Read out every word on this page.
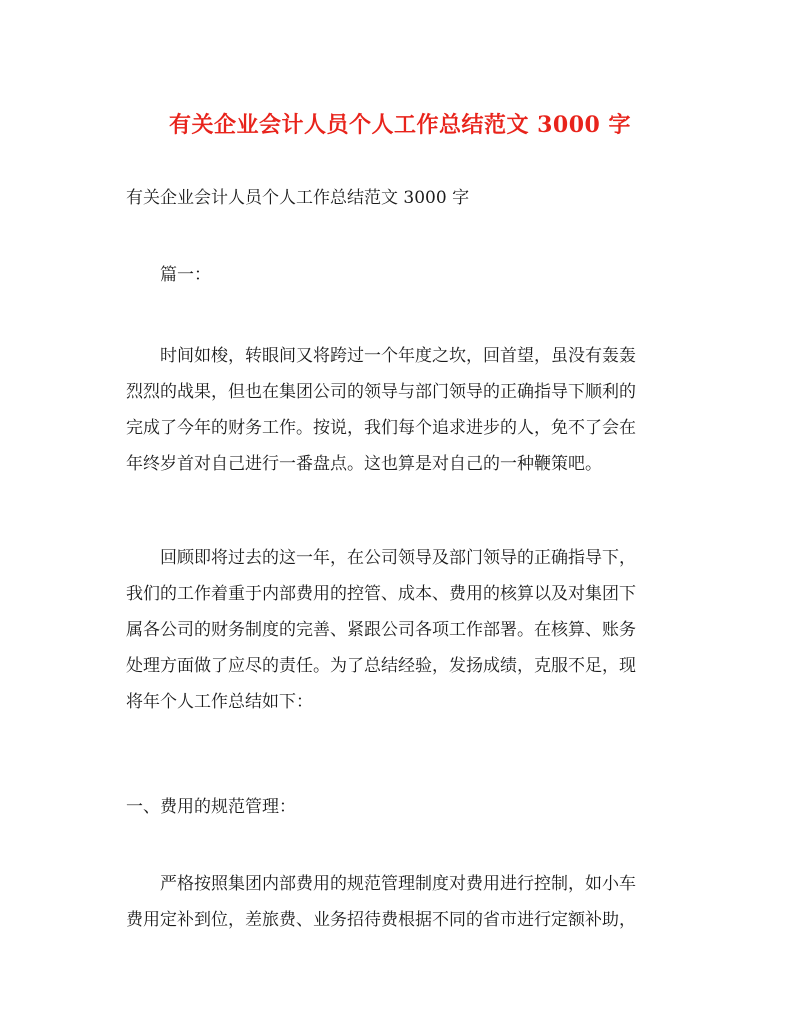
有关企业会计人员个人工作总结范文 3000 字

有关企业会计人员个人工作总结范文 3000 字

篇一：

时间如梭，转眼间又将跨过一个年度之坎，回首望，虽没有轰轰
烈烈的战果，但也在集团公司的领导与部门领导的正确指导下顺利的
完成了今年的财务工作。按说，我们每个追求进步的人，免不了会在
年终岁首对自己进行一番盘点。这也算是对自己的一种鞭策吧。
回顾即将过去的这一年，在公司领导及部门领导的正确指导下，
我们的工作着重于内部费用的控管、成本、费用的核算以及对集团下
属各公司的财务制度的完善、紧跟公司各项工作部署。在核算、账务
处理方面做了应尽的责任。为了总结经验，发扬成绩，克服不足，现
将年个人工作总结如下：

一、费用的规范管理：

严格按照集团内部费用的规范管理制度对费用进行控制，如小车
费用定补到位，差旅费、业务招待费根据不同的省市进行定额补助，
